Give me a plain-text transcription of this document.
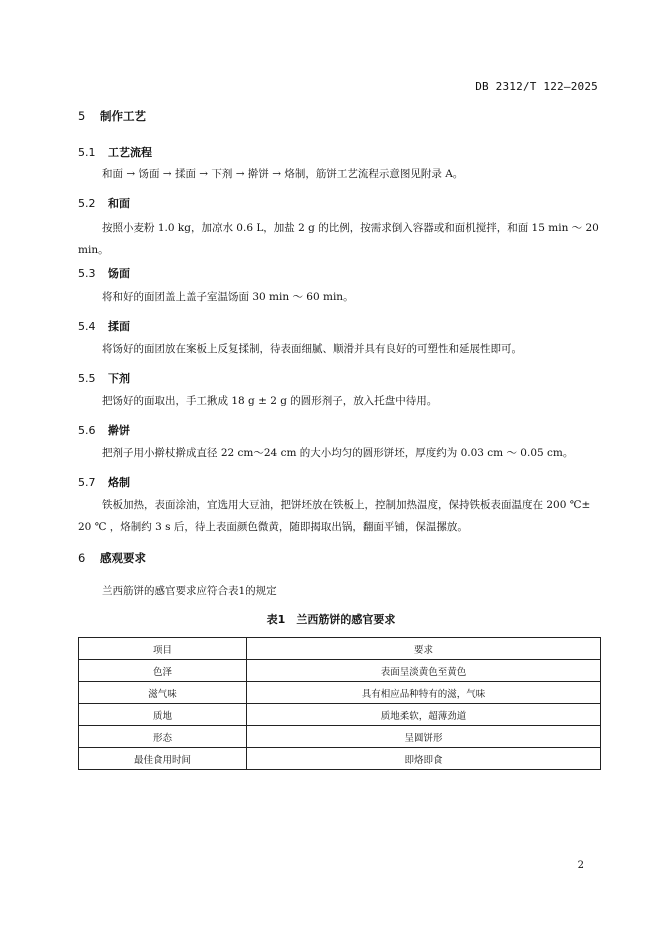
DB 2312/T 122—2025
5 制作工艺
5.1 工艺流程
和面 → 饧面 → 揉面 → 下剂 → 擀饼 → 烙制，筋饼工艺流程示意图见附录 A。
5.2 和面
按照小麦粉 1.0 kg，加凉水 0.6 L，加盐 2 g 的比例，按需求倒入容器或和面机搅拌，和面 15 min ～ 20 min。
5.3 饧面
将和好的面团盖上盖子室温饧面 30 min ～ 60 min。
5.4 揉面
将饧好的面团放在案板上反复揉制，待表面细腻、顺滑并具有良好的可塑性和延展性即可。
5.5 下剂
把饧好的面取出，手工揪成 18 g ± 2 g 的圆形剂子，放入托盘中待用。
5.6 擀饼
把剂子用小擀杖擀成直径 22 cm～24 cm 的大小均匀的圆形饼坯，厚度约为 0.03 cm ～ 0.05 cm。
5.7 烙制
铁板加热，表面涂油，宜选用大豆油，把饼坯放在铁板上，控制加热温度，保持铁板表面温度在 200 ℃± 20 ℃ ，烙制约 3 s 后，待上表面颜色微黄，随即揭取出锅，翻面平铺，保温摞放。
6 感观要求
兰西筋饼的感官要求应符合表1的规定
表1　兰西筋饼的感官要求
项目	要求
色泽	表面呈淡黄色至黄色
滋气味	具有相应品种特有的滋，气味
质地	质地柔软，超薄劲道
形态	呈圆饼形
最佳食用时间	即烙即食
2
